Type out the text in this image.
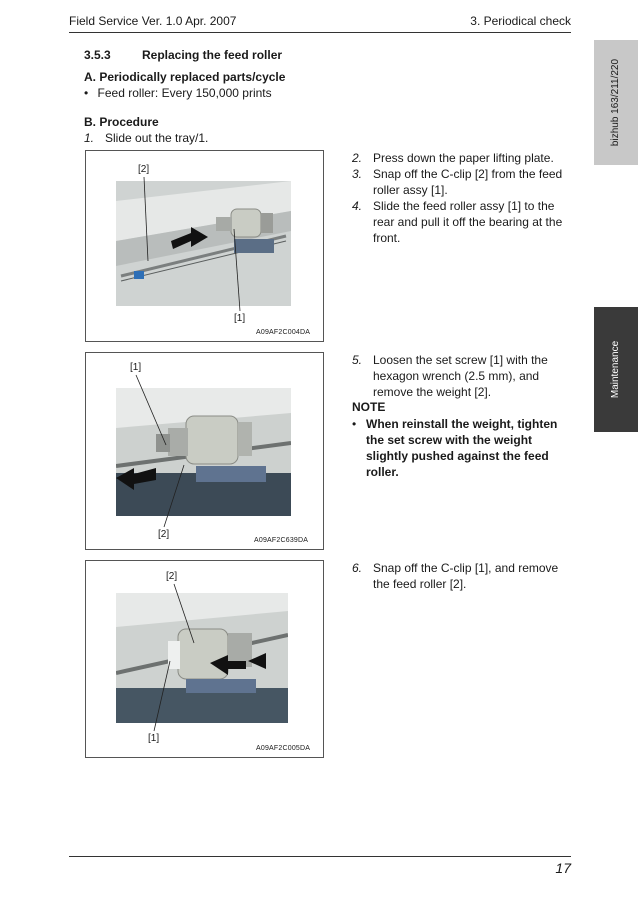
Field Service Ver. 1.0 Apr. 2007	3. Periodical check
bizhub 163/211/220
Maintenance
3.5.3	Replacing the feed roller
A. Periodically replaced parts/cycle
• Feed roller: Every 150,000 prints
B. Procedure
1. Slide out the tray/1.
2. Press down the paper lifting plate.
3. Snap off the C-clip [2] from the feed
roller assy [1].
4. Slide the feed roller assy [1] to the
rear and pull it off the bearing at the
front.
[2]
[1]
A09AF2C004DA
[1]
[2]
A09AF2C639DA
5. Loosen the set screw [1] with the
hexagon wrench (2.5 mm), and
remove the weight [2].
NOTE
• When reinstall the weight, tighten
the set screw with the weight
slightly pushed against the feed
roller.
[2]
[1]
A09AF2C005DA
6. Snap off the C-clip [1], and remove
the feed roller [2].
17
